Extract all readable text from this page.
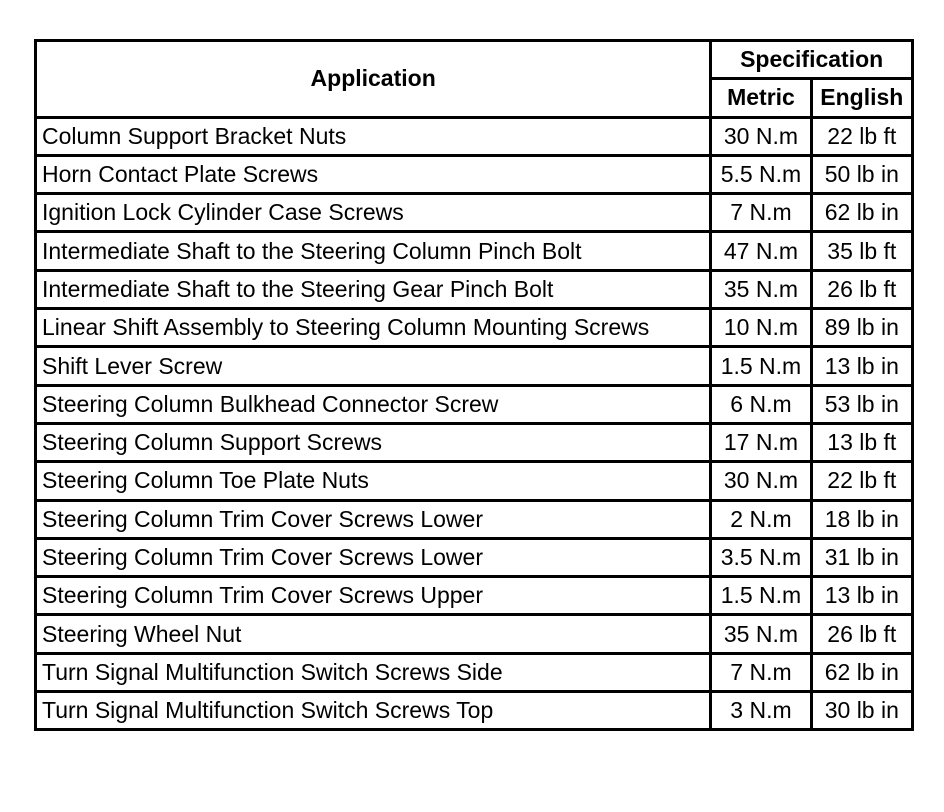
Application	Specification	
	Metric	English
Column Support Bracket Nuts	30 N.m	22 lb ft
Horn Contact Plate Screws	5.5 N.m	50 lb in
Ignition Lock Cylinder Case Screws	7 N.m	62 lb in
Intermediate Shaft to the Steering Column Pinch Bolt	47 N.m	35 lb ft
Intermediate Shaft to the Steering Gear Pinch Bolt	35 N.m	26 lb ft
Linear Shift Assembly to Steering Column Mounting Screws	10 N.m	89 lb in
Shift Lever Screw	1.5 N.m	13 lb in
Steering Column Bulkhead Connector Screw	6 N.m	53 lb in
Steering Column Support Screws	17 N.m	13 lb ft
Steering Column Toe Plate Nuts	30 N.m	22 lb ft
Steering Column Trim Cover Screws Lower	2 N.m	18 lb in
Steering Column Trim Cover Screws Lower	3.5 N.m	31 lb in
Steering Column Trim Cover Screws Upper	1.5 N.m	13 lb in
Steering Wheel Nut	35 N.m	26 lb ft
Turn Signal Multifunction Switch Screws Side	7 N.m	62 lb in
Turn Signal Multifunction Switch Screws Top	3 N.m	30 lb in
